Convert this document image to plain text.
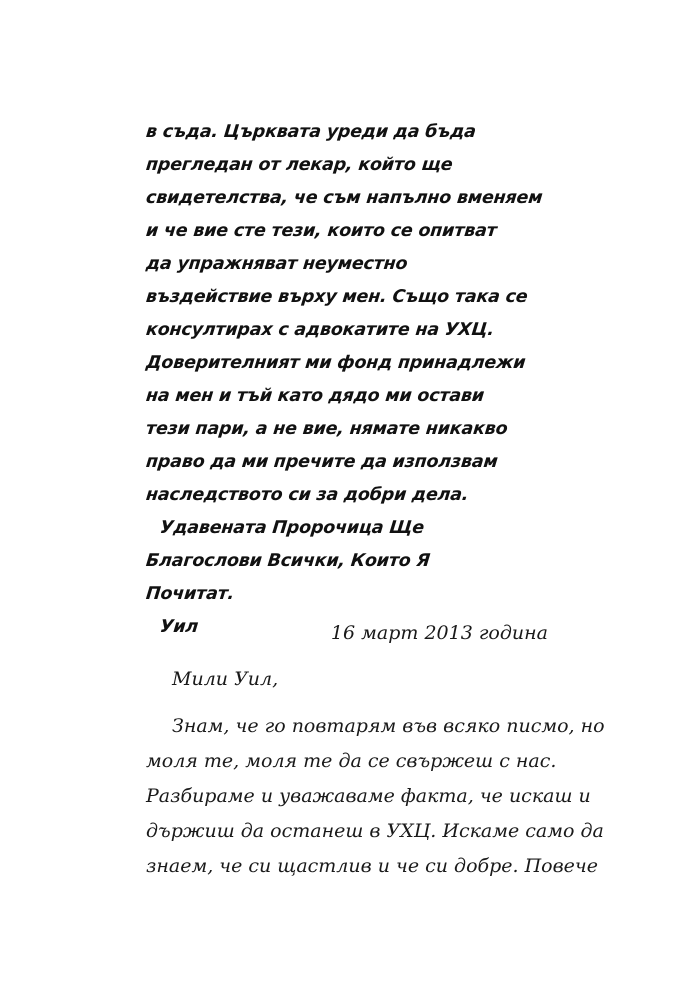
в съда. Църквата уреди да бъда
прегледан от лекар, който ще
свидетелства, че съм напълно вменяем
и че вие сте тези, които се опитват
да упражняват неуместно
въздействие върху мен. Също така се
консултирах с адвокатите на УХЦ.
Доверителният ми фонд принадлежи
на мен и тъй като дядо ми остави
тези пари, а не вие, нямате никакво
право да ми пречите да използвам
наследството си за добри дела.
Удавената Пророчица Ще
Благослови Всички, Които Я
Почитат.
Уил	16 март 2013 година
Мили Уил,
Знам, че го повтарям във всяко писмо, но
моля те, моля те да се свържеш с нас.
Разбираме и уважаваме факта, че искаш и
държиш да останеш в УХЦ. Искаме само да
знаем, че си щастлив и че си добре. Повече
